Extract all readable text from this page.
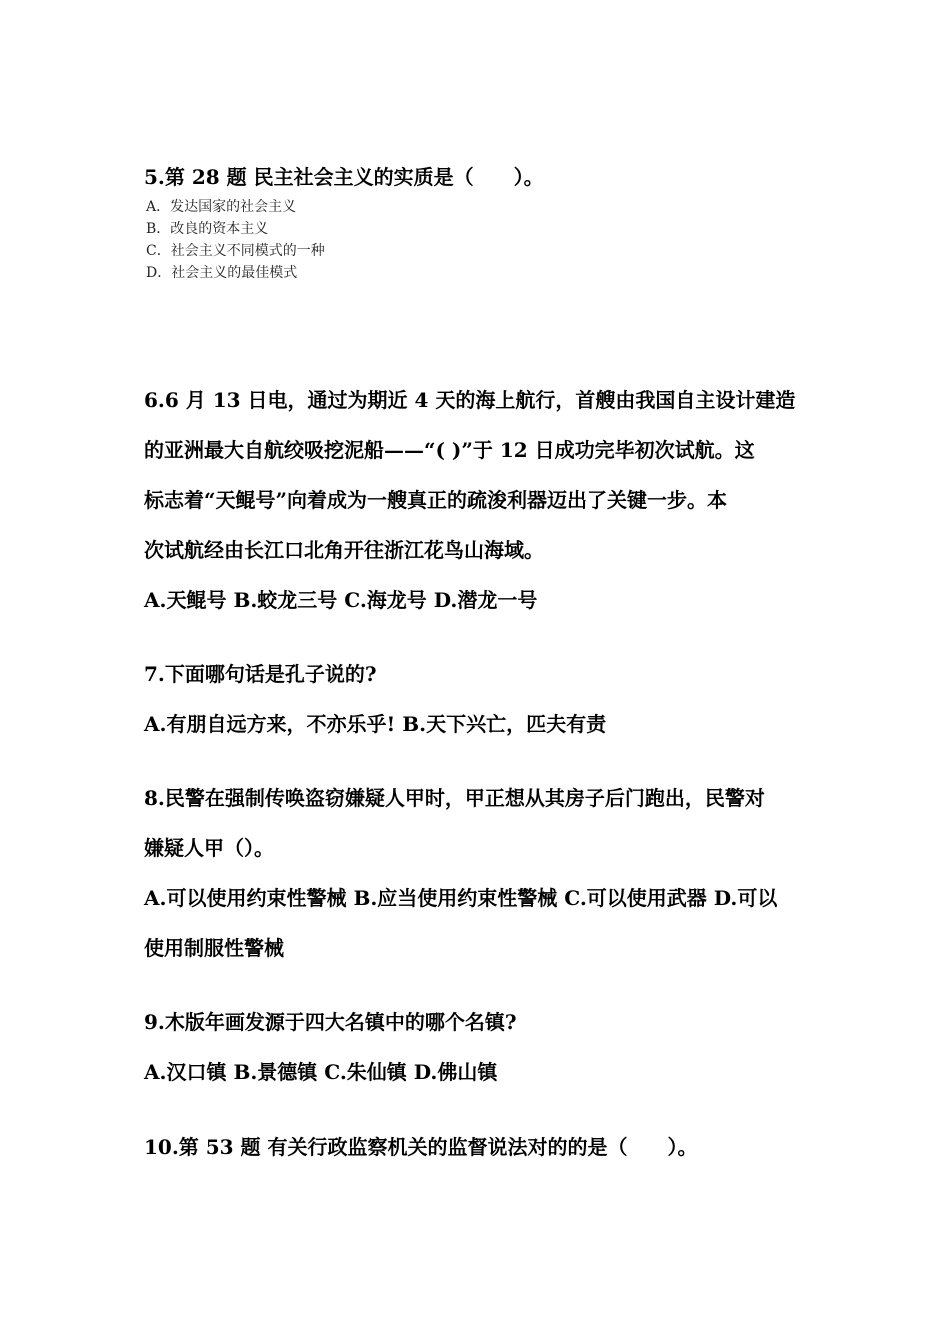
5.第 28 题 民主社会主义的实质是（　　）。
A．发达国家的社会主义
B．改良的资本主义
C．社会主义不同模式的一种
D．社会主义的最佳模式
6.6 月 13 日电，通过为期近 4 天的海上航行，首艘由我国自主设计建造
的亚洲最大自航绞吸挖泥船——“( )”于 12 日成功完毕初次试航。这
标志着“天鲲号”向着成为一艘真正的疏浚利器迈出了关键一步。本
次试航经由长江口北角开往浙江花鸟山海域。
A.天鲲号 B.蛟龙三号 C.海龙号 D.潜龙一号
7.下面哪句话是孔子说的?
A.有朋自远方来，不亦乐乎! B.天下兴亡，匹夫有责
8.民警在强制传唤盗窃嫌疑人甲时，甲正想从其房子后门跑出，民警对
嫌疑人甲（）。
A.可以使用约束性警械 B.应当使用约束性警械 C.可以使用武器 D.可以
使用制服性警械
9.木版年画发源于四大名镇中的哪个名镇?
A.汉口镇 B.景德镇 C.朱仙镇 D.佛山镇
10.第 53 题 有关行政监察机关的监督说法对的的是（　　）。
